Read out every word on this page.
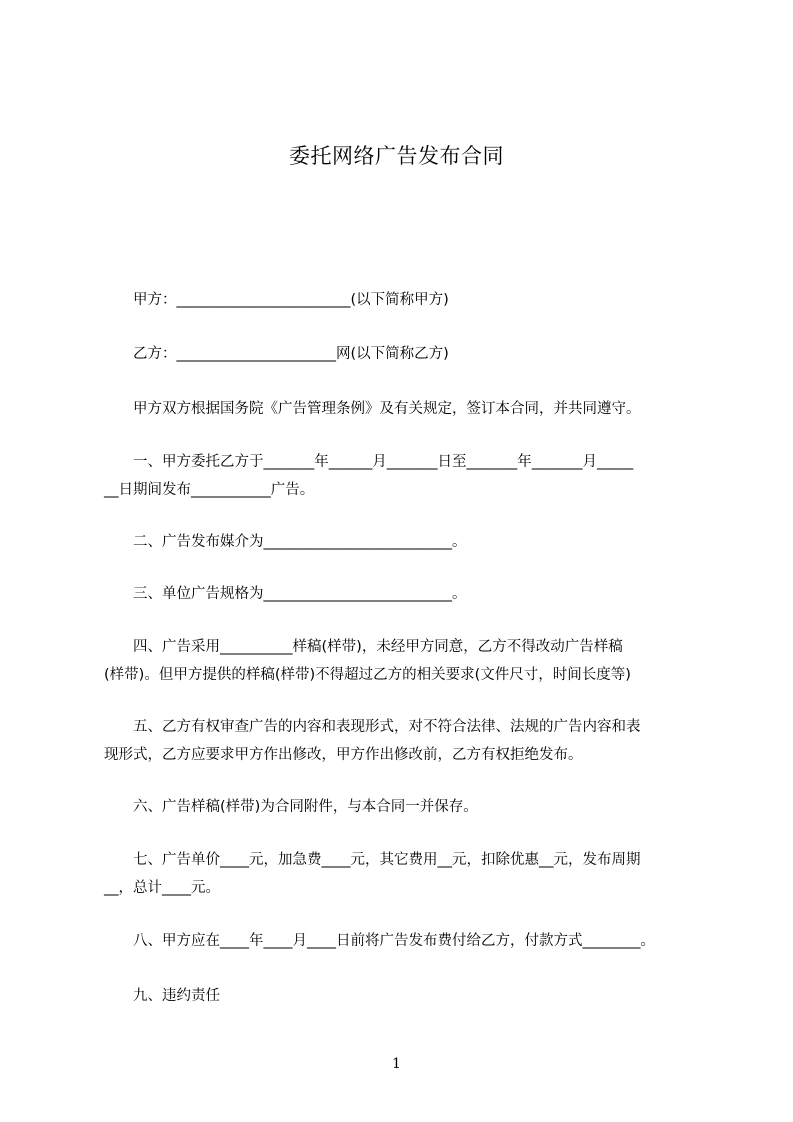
委托网络广告发布合同
　　甲方：________________________(以下简称甲方)
　　乙方：______________________网(以下简称乙方)
　　甲方双方根据国务院《广告管理条例》及有关规定，签订本合同，并共同遵守。
　　一、甲方委托乙方于_______年______月_______日至_______年_______月_____
__日期间发布___________广告。
　　二、广告发布媒介为__________________________。
　　三、单位广告规格为__________________________。
　　四、广告采用__________样稿(样带)，未经甲方同意，乙方不得改动广告样稿
(样带)。但甲方提供的样稿(样带)不得超过乙方的相关要求(文件尺寸，时间长度等)
　　五、乙方有权审查广告的内容和表现形式，对不符合法律、法规的广告内容和表
现形式，乙方应要求甲方作出修改，甲方作出修改前，乙方有权拒绝发布。
　　六、广告样稿(样带)为合同附件，与本合同一并保存。
　　七、广告单价____元，加急费____元，其它费用__元，扣除优惠__元，发布周期
__，总计____元。
　　八、甲方应在____年____月____日前将广告发布费付给乙方，付款方式________。
　　九、违约责任
1
